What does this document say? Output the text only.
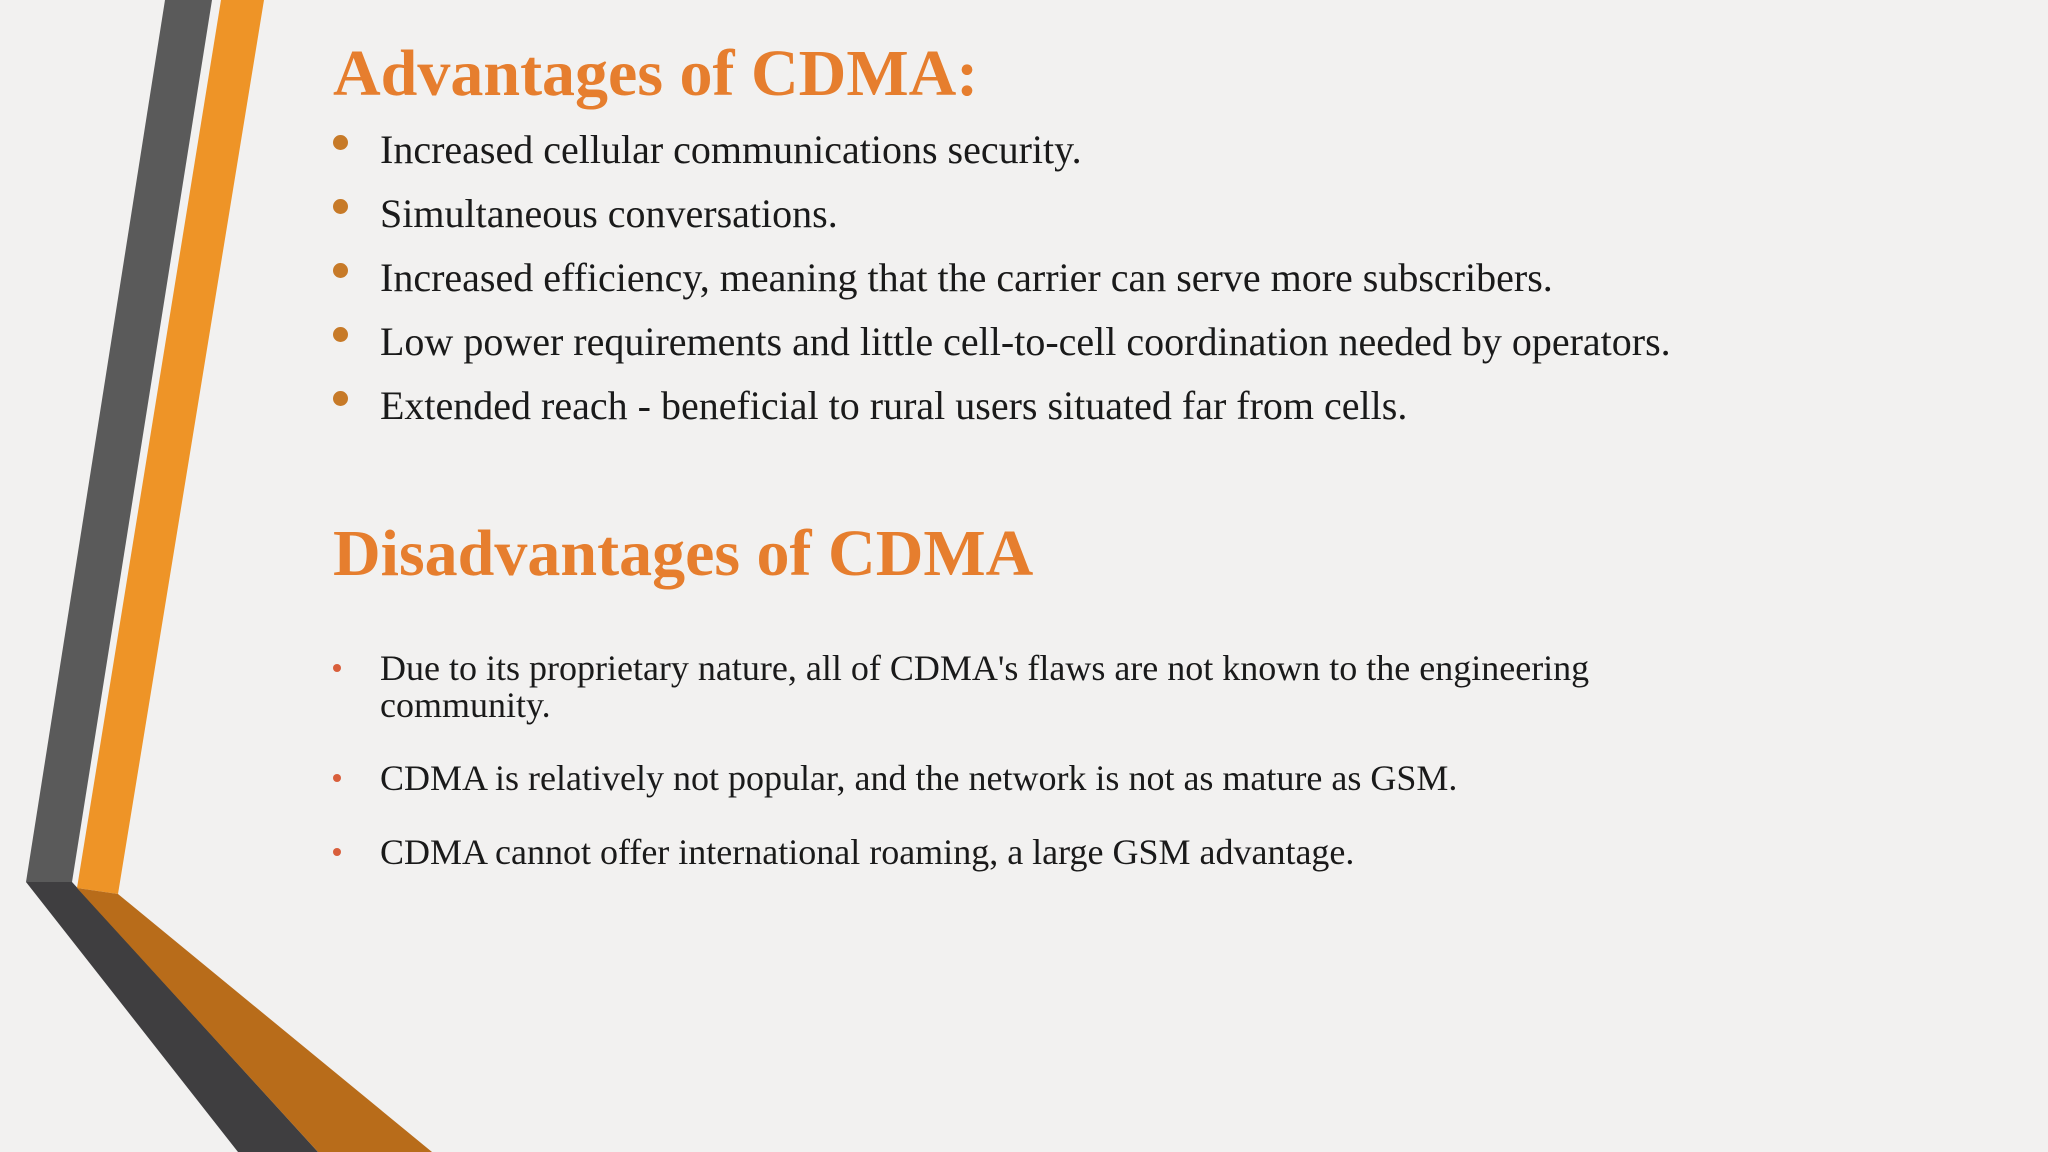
Advantages of CDMA:
Increased cellular communications security.
Simultaneous conversations.
Increased efficiency, meaning that the carrier can serve more subscribers.
Low power requirements and little cell-to-cell coordination needed by operators.
Extended reach - beneficial to rural users situated far from cells.
Disadvantages of CDMA
Due to its proprietary nature, all of CDMA's flaws are not known to the engineering community.
CDMA is relatively not popular, and the network is not as mature as GSM.
CDMA cannot offer international roaming, a large GSM advantage.
